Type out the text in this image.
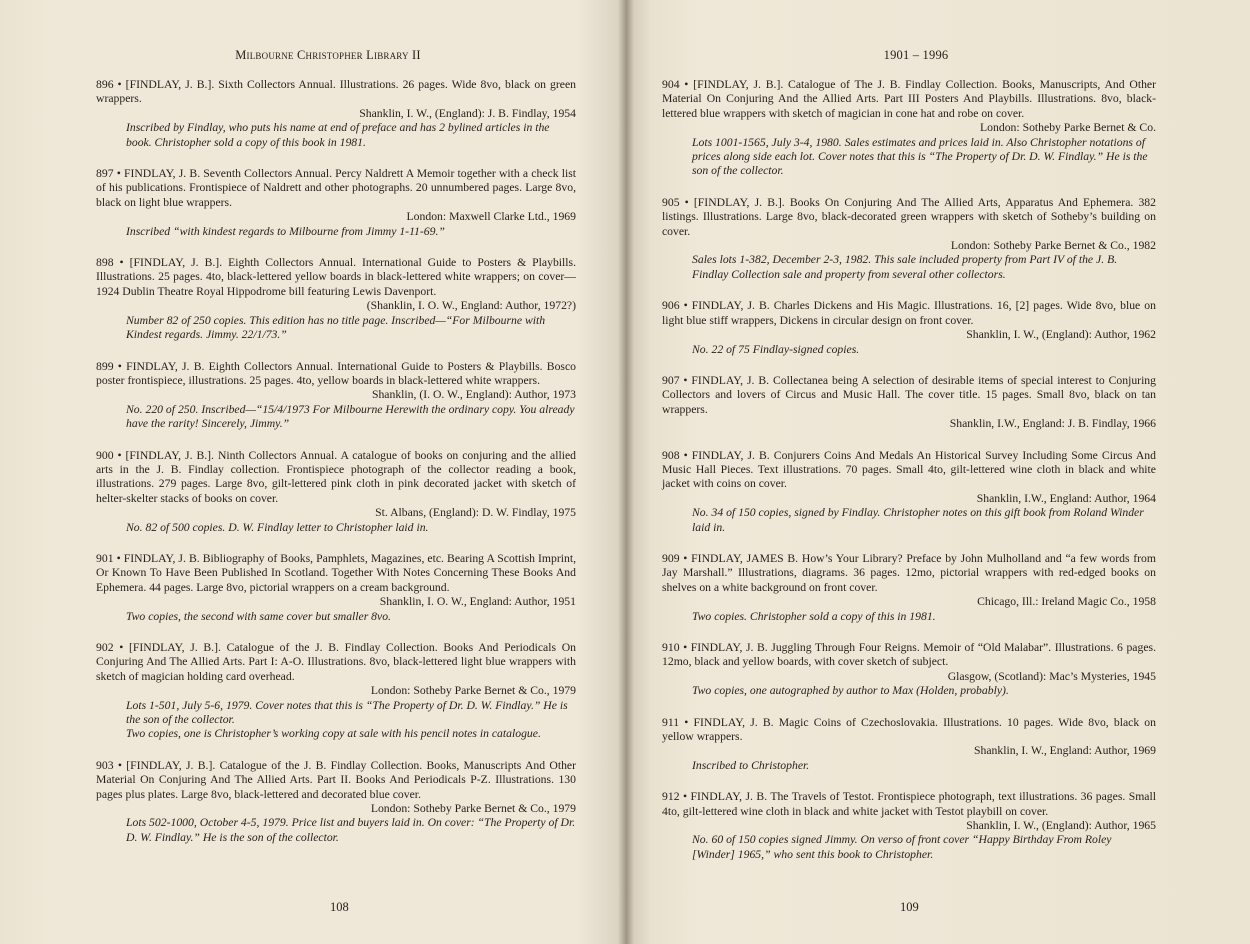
Milbourne Christopher Library II

896 • [FINDLAY, J. B.]. Sixth Collectors Annual. Illustrations. 26 pages. Wide 8vo, black on green wrappers.

Shanklin, I. W., (England): J. B. Findlay, 1954

Inscribed by Findlay, who puts his name at end of preface and has 2 bylined articles in the book. Christopher sold a copy of this book in 1981.

897 • FINDLAY, J. B. Seventh Collectors Annual. Percy Naldrett A Memoir together with a check list of his publications. Frontispiece of Naldrett and other photographs. 20 unnumbered pages. Large 8vo, black on light blue wrappers.

London: Maxwell Clarke Ltd., 1969

Inscribed “with kindest regards to Milbourne from Jimmy 1-11-69.”

898 • [FINDLAY, J. B.]. Eighth Collectors Annual. International Guide to Posters & Playbills. Illustrations. 25 pages. 4to, black-lettered yellow boards in black-lettered white wrappers; on cover—1924 Dublin Theatre Royal Hippodrome bill featuring Lewis Davenport.

(Shanklin, I. O. W., England: Author, 1972?)

Number 82 of 250 copies. This edition has no title page. Inscribed—“For Milbourne with Kindest regards. Jimmy. 22/1/73.”

899 • FINDLAY, J. B. Eighth Collectors Annual. International Guide to Posters & Playbills. Bosco poster frontispiece, illustrations. 25 pages. 4to, yellow boards in black-lettered white wrappers.

Shanklin, (I. O. W., England): Author, 1973

No. 220 of 250. Inscribed—“15/4/1973 For Milbourne Herewith the ordinary copy. You already have the rarity! Sincerely, Jimmy.”

900 • [FINDLAY, J. B.]. Ninth Collectors Annual. A catalogue of books on conjuring and the allied arts in the J. B. Findlay collection. Frontispiece photograph of the collector reading a book, illustrations. 279 pages. Large 8vo, gilt-lettered pink cloth in pink decorated jacket with sketch of helter-skelter stacks of books on cover.

St. Albans, (England): D. W. Findlay, 1975

No. 82 of 500 copies. D. W. Findlay letter to Christopher laid in.

901 • FINDLAY, J. B. Bibliography of Books, Pamphlets, Magazines, etc. Bearing A Scottish Imprint, Or Known To Have Been Published In Scotland. Together With Notes Concerning These Books And Ephemera. 44 pages. Large 8vo, pictorial wrappers on a cream background.

Shanklin, I. O. W., England: Author, 1951

Two copies, the second with same cover but smaller 8vo.

902 • [FINDLAY, J. B.]. Catalogue of the J. B. Findlay Collection. Books And Periodicals On Conjuring And The Allied Arts. Part I: A-O. Illustrations. 8vo, black-lettered light blue wrappers with sketch of magician holding card overhead.

London: Sotheby Parke Bernet & Co., 1979

Lots 1-501, July 5-6, 1979. Cover notes that this is “The Property of Dr. D. W. Findlay.” He is the son of the collector.

Two copies, one is Christopher’s working copy at sale with his pencil notes in catalogue.

903 • [FINDLAY, J. B.]. Catalogue of the J. B. Findlay Collection. Books, Manuscripts And Other Material On Conjuring And The Allied Arts. Part II. Books And Periodicals P-Z. Illustrations. 130 pages plus plates. Large 8vo, black-lettered and decorated blue cover.

London: Sotheby Parke Bernet & Co., 1979

Lots 502-1000, October 4-5, 1979. Price list and buyers laid in. On cover: “The Property of Dr. D. W. Findlay.” He is the son of the collector.

108
1901 – 1996

904 • [FINDLAY, J. B.]. Catalogue of The J. B. Findlay Collection. Books, Manuscripts, And Other Material On Conjuring And the Allied Arts. Part III Posters And Playbills. Illustrations. 8vo, black-lettered blue wrappers with sketch of magician in cone hat and robe on cover.

London: Sotheby Parke Bernet & Co.

Lots 1001-1565, July 3-4, 1980. Sales estimates and prices laid in. Also Christopher notations of prices along side each lot. Cover notes that this is “The Property of Dr. D. W. Findlay.” He is the son of the collector.

905 • [FINDLAY, J. B.]. Books On Conjuring And The Allied Arts, Apparatus And Ephemera. 382 listings. Illustrations. Large 8vo, black-decorated green wrappers with sketch of Sotheby’s building on cover.

London: Sotheby Parke Bernet & Co., 1982

Sales lots 1-382, December 2-3, 1982. This sale included property from Part IV of the J. B. Findlay Collection sale and property from several other collectors.

906 • FINDLAY, J. B. Charles Dickens and His Magic. Illustrations. 16, [2] pages. Wide 8vo, blue on light blue stiff wrappers, Dickens in circular design on front cover.

Shanklin, I. W., (England): Author, 1962

No. 22 of 75 Findlay-signed copies.

907 • FINDLAY, J. B. Collectanea being A selection of desirable items of special interest to Conjuring Collectors and lovers of Circus and Music Hall. The cover title. 15 pages. Small 8vo, black on tan wrappers.

Shanklin, I.W., England: J. B. Findlay, 1966

908 • FINDLAY, J. B. Conjurers Coins And Medals An Historical Survey Including Some Circus And Music Hall Pieces. Text illustrations. 70 pages. Small 4to, gilt-lettered wine cloth in black and white jacket with coins on cover.

Shanklin, I.W., England: Author, 1964

No. 34 of 150 copies, signed by Findlay. Christopher notes on this gift book from Roland Winder laid in.

909 • FINDLAY, JAMES B. How’s Your Library? Preface by John Mulholland and “a few words from Jay Marshall.” Illustrations, diagrams. 36 pages. 12mo, pictorial wrappers with red-edged books on shelves on a white background on front cover.

Chicago, Ill.: Ireland Magic Co., 1958

Two copies. Christopher sold a copy of this in 1981.

910 • FINDLAY, J. B. Juggling Through Four Reigns. Memoir of “Old Malabar”. Illustrations. 6 pages. 12mo, black and yellow boards, with cover sketch of subject.

Glasgow, (Scotland): Mac’s Mysteries, 1945

Two copies, one autographed by author to Max (Holden, probably).

911 • FINDLAY, J. B. Magic Coins of Czechoslovakia. Illustrations. 10 pages. Wide 8vo, black on yellow wrappers.

Shanklin, I. W., England: Author, 1969

Inscribed to Christopher.

912 • FINDLAY, J. B. The Travels of Testot. Frontispiece photograph, text illustrations. 36 pages. Small 4to, gilt-lettered wine cloth in black and white jacket with Testot playbill on cover.

Shanklin, I. W., (England): Author, 1965

No. 60 of 150 copies signed Jimmy. On verso of front cover “Happy Birthday From Roley [Winder] 1965,” who sent this book to Christopher.

109
